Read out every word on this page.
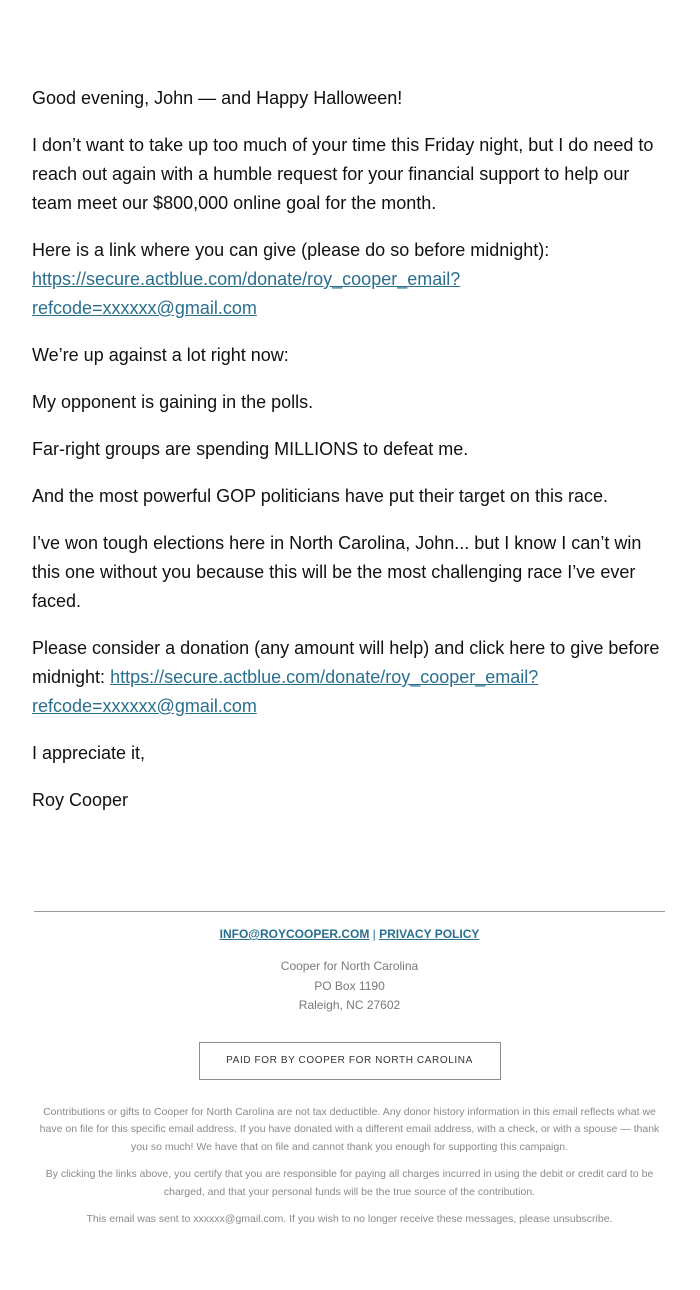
Good evening, John — and Happy Halloween!

I don’t want to take up too much of your time this Friday night, but I do need to reach out again with a humble request for your financial support to help our team meet our $800,000 online goal for the month.

Here is a link where you can give (please do so before midnight):
https://secure.actblue.com/donate/roy_cooper_email?
refcode=xxxxxx@gmail.com

We’re up against a lot right now:

My opponent is gaining in the polls.

Far-right groups are spending MILLIONS to defeat me.

And the most powerful GOP politicians have put their target on this race.

I’ve won tough elections here in North Carolina, John... but I know I can’t win this one without you because this will be the most challenging race I’ve ever faced.

Please consider a donation (any amount will help) and click here to give before midnight: https://secure.actblue.com/donate/roy_cooper_email?
refcode=xxxxxx@gmail.com

I appreciate it,

Roy Cooper

INFO@ROYCOOPER.COM | PRIVACY POLICY
Cooper for North Carolina
PO Box 1190
Raleigh, NC 27602
PAID FOR BY COOPER FOR NORTH CAROLINA
Contributions or gifts to Cooper for North Carolina are not tax deductible. Any donor history information in this email reflects what we have on file for this specific email address. If you have donated with a different email address, with a check, or with a spouse — thank you so much! We have that on file and cannot thank you enough for supporting this campaign.
By clicking the links above, you certify that you are responsible for paying all charges incurred in using the debit or credit card to be charged, and that your personal funds will be the true source of the contribution.
This email was sent to xxxxxx@gmail.com. If you wish to no longer receive these messages, please unsubscribe.
